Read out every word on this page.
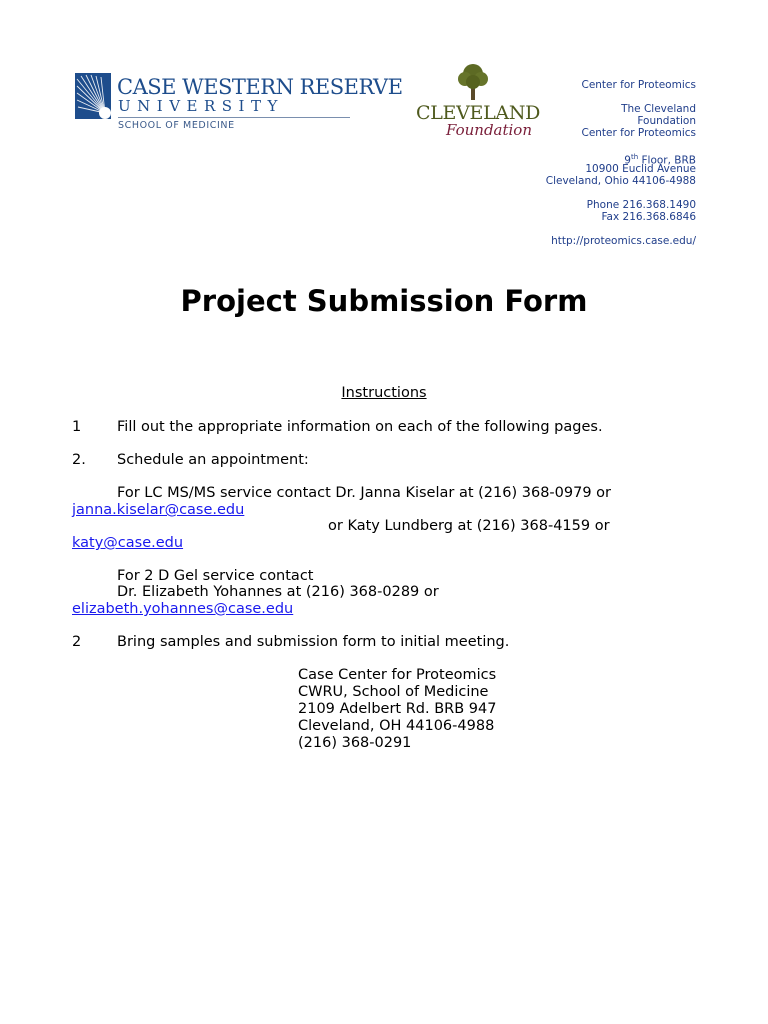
CASE WESTERN RESERVE
UNIVERSITY
SCHOOL OF MEDICINE
CLEVELAND
Foundation
Center for Proteomics
The Cleveland
Foundation
Center for Proteomics
9th Floor, BRB
10900 Euclid Avenue
Cleveland, Ohio 44106-4988
Phone 216.368.1490
Fax 216.368.6846
http://proteomics.case.edu/
Project Submission Form
Instructions
1 Fill out the appropriate information on each of the following pages.
2. Schedule an appointment:
For LC MS/MS service contact Dr. Janna Kiselar at (216) 368-0979 or
janna.kiselar@case.edu
or Katy Lundberg at (216) 368-4159 or
katy@case.edu
For 2 D Gel service contact
Dr. Elizabeth Yohannes at (216) 368-0289 or
elizabeth.yohannes@case.edu
2 Bring samples and submission form to initial meeting.
Case Center for Proteomics
CWRU, School of Medicine
2109 Adelbert Rd. BRB 947
Cleveland, OH 44106-4988
(216) 368-0291
